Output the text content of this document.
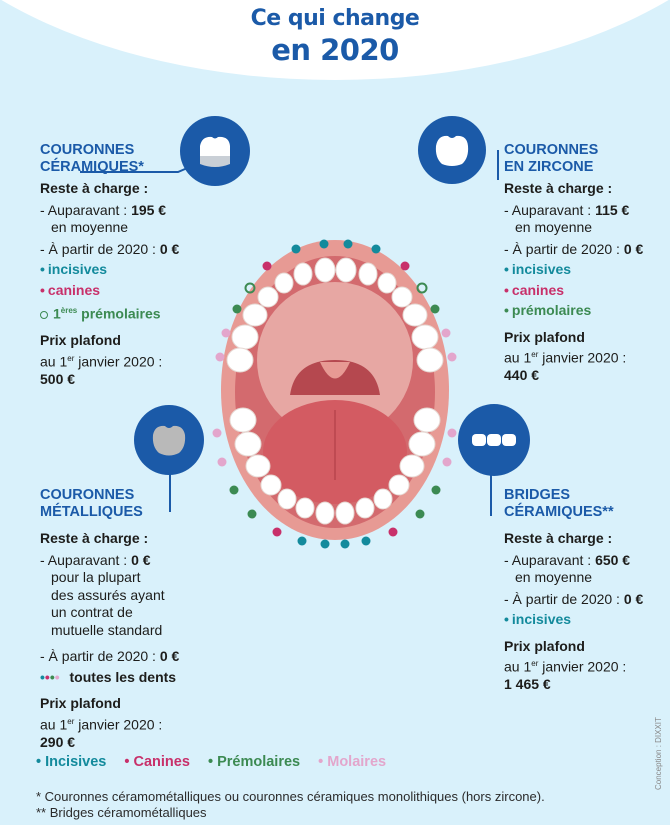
Ce qui change
en 2020
COURONNES
CÉRAMIQUES*
Reste à charge :
- Auparavant : 195 €
en moyenne
- À partir de 2020 : 0 €
• incisives
• canines
1ères prémolaires
Prix plafond
au 1er janvier 2020 :
500 €
COURONNES
EN ZIRCONE
Reste à charge :
- Auparavant : 115 €
en moyenne
- À partir de 2020 : 0 €
• incisives
• canines
• prémolaires
Prix plafond
au 1er janvier 2020 :
440 €
COURONNES
MÉTALLIQUES
Reste à charge :
- Auparavant : 0 €
pour la plupart
des assurés ayant
un contrat de
mutuelle standard
- À partir de 2020 : 0 €
•••• toutes les dents
Prix plafond
au 1er janvier 2020 :
290 €
BRIDGES
CÉRAMIQUES**
Reste à charge :
- Auparavant : 650 €
en moyenne
- À partir de 2020 : 0 €
• incisives
Prix plafond
au 1er janvier 2020 :
1 465 €
• Incisives • Canines • Prémolaires • Molaires
* Couronnes céramométalliques ou couronnes céramiques monolithiques (hors zircone).
** Bridges céramométalliques
Conception : DIXXIT
